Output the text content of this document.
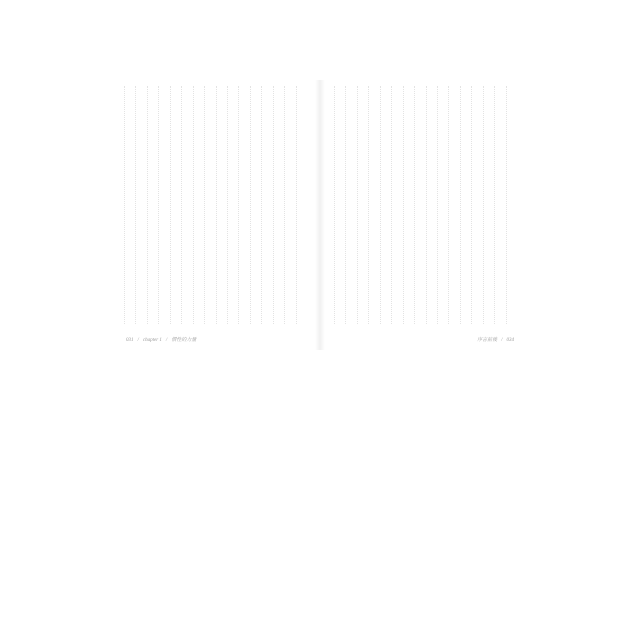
031 / chapter 1 / 慣性的力量	序言前後 / 034
